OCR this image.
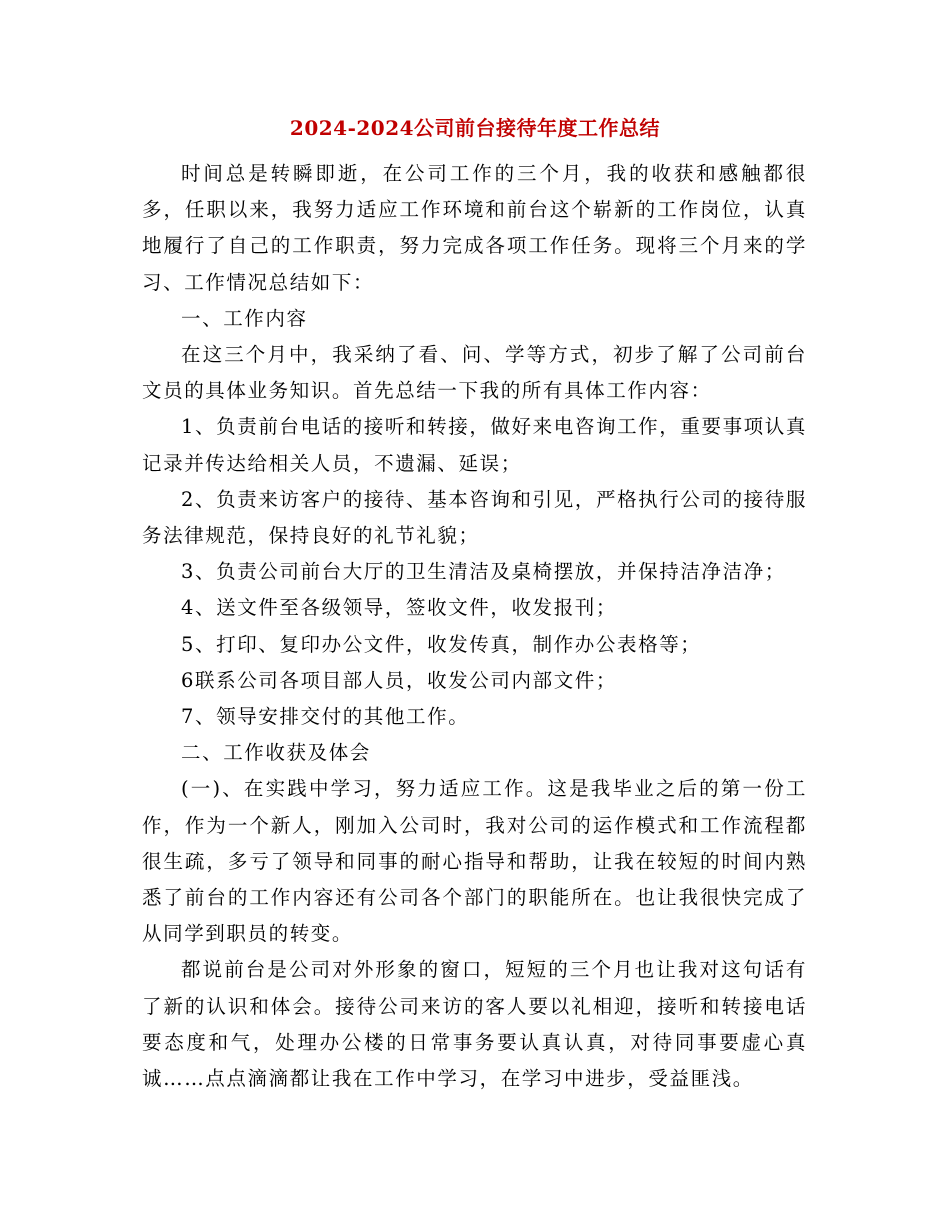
2024-2024公司前台接待年度工作总结

时间总是转瞬即逝，在公司工作的三个月，我的收获和感触都很多，任职以来，我努力适应工作环境和前台这个崭新的工作岗位，认真地履行了自己的工作职责，努力完成各项工作任务。现将三个月来的学习、工作情况总结如下：

一、工作内容

在这三个月中，我采纳了看、问、学等方式，初步了解了公司前台文员的具体业务知识。首先总结一下我的所有具体工作内容：

1、负责前台电话的接听和转接，做好来电咨询工作，重要事项认真记录并传达给相关人员，不遗漏、延误；

2、负责来访客户的接待、基本咨询和引见，严格执行公司的接待服务法律规范，保持良好的礼节礼貌；

3、负责公司前台大厅的卫生清洁及桌椅摆放，并保持洁净洁净；

4、送文件至各级领导，签收文件，收发报刊；

5、打印、复印办公文件，收发传真，制作办公表格等；

6联系公司各项目部人员，收发公司内部文件；

7、领导安排交付的其他工作。

二、工作收获及体会

(一)、在实践中学习，努力适应工作。这是我毕业之后的第一份工作，作为一个新人，刚加入公司时，我对公司的运作模式和工作流程都很生疏，多亏了领导和同事的耐心指导和帮助，让我在较短的时间内熟悉了前台的工作内容还有公司各个部门的职能所在。也让我很快完成了从同学到职员的转变。

都说前台是公司对外形象的窗口，短短的三个月也让我对这句话有了新的认识和体会。接待公司来访的客人要以礼相迎，接听和转接电话要态度和气，处理办公楼的日常事务要认真认真，对待同事要虚心真诚……点点滴滴都让我在工作中学习，在学习中进步，受益匪浅。
